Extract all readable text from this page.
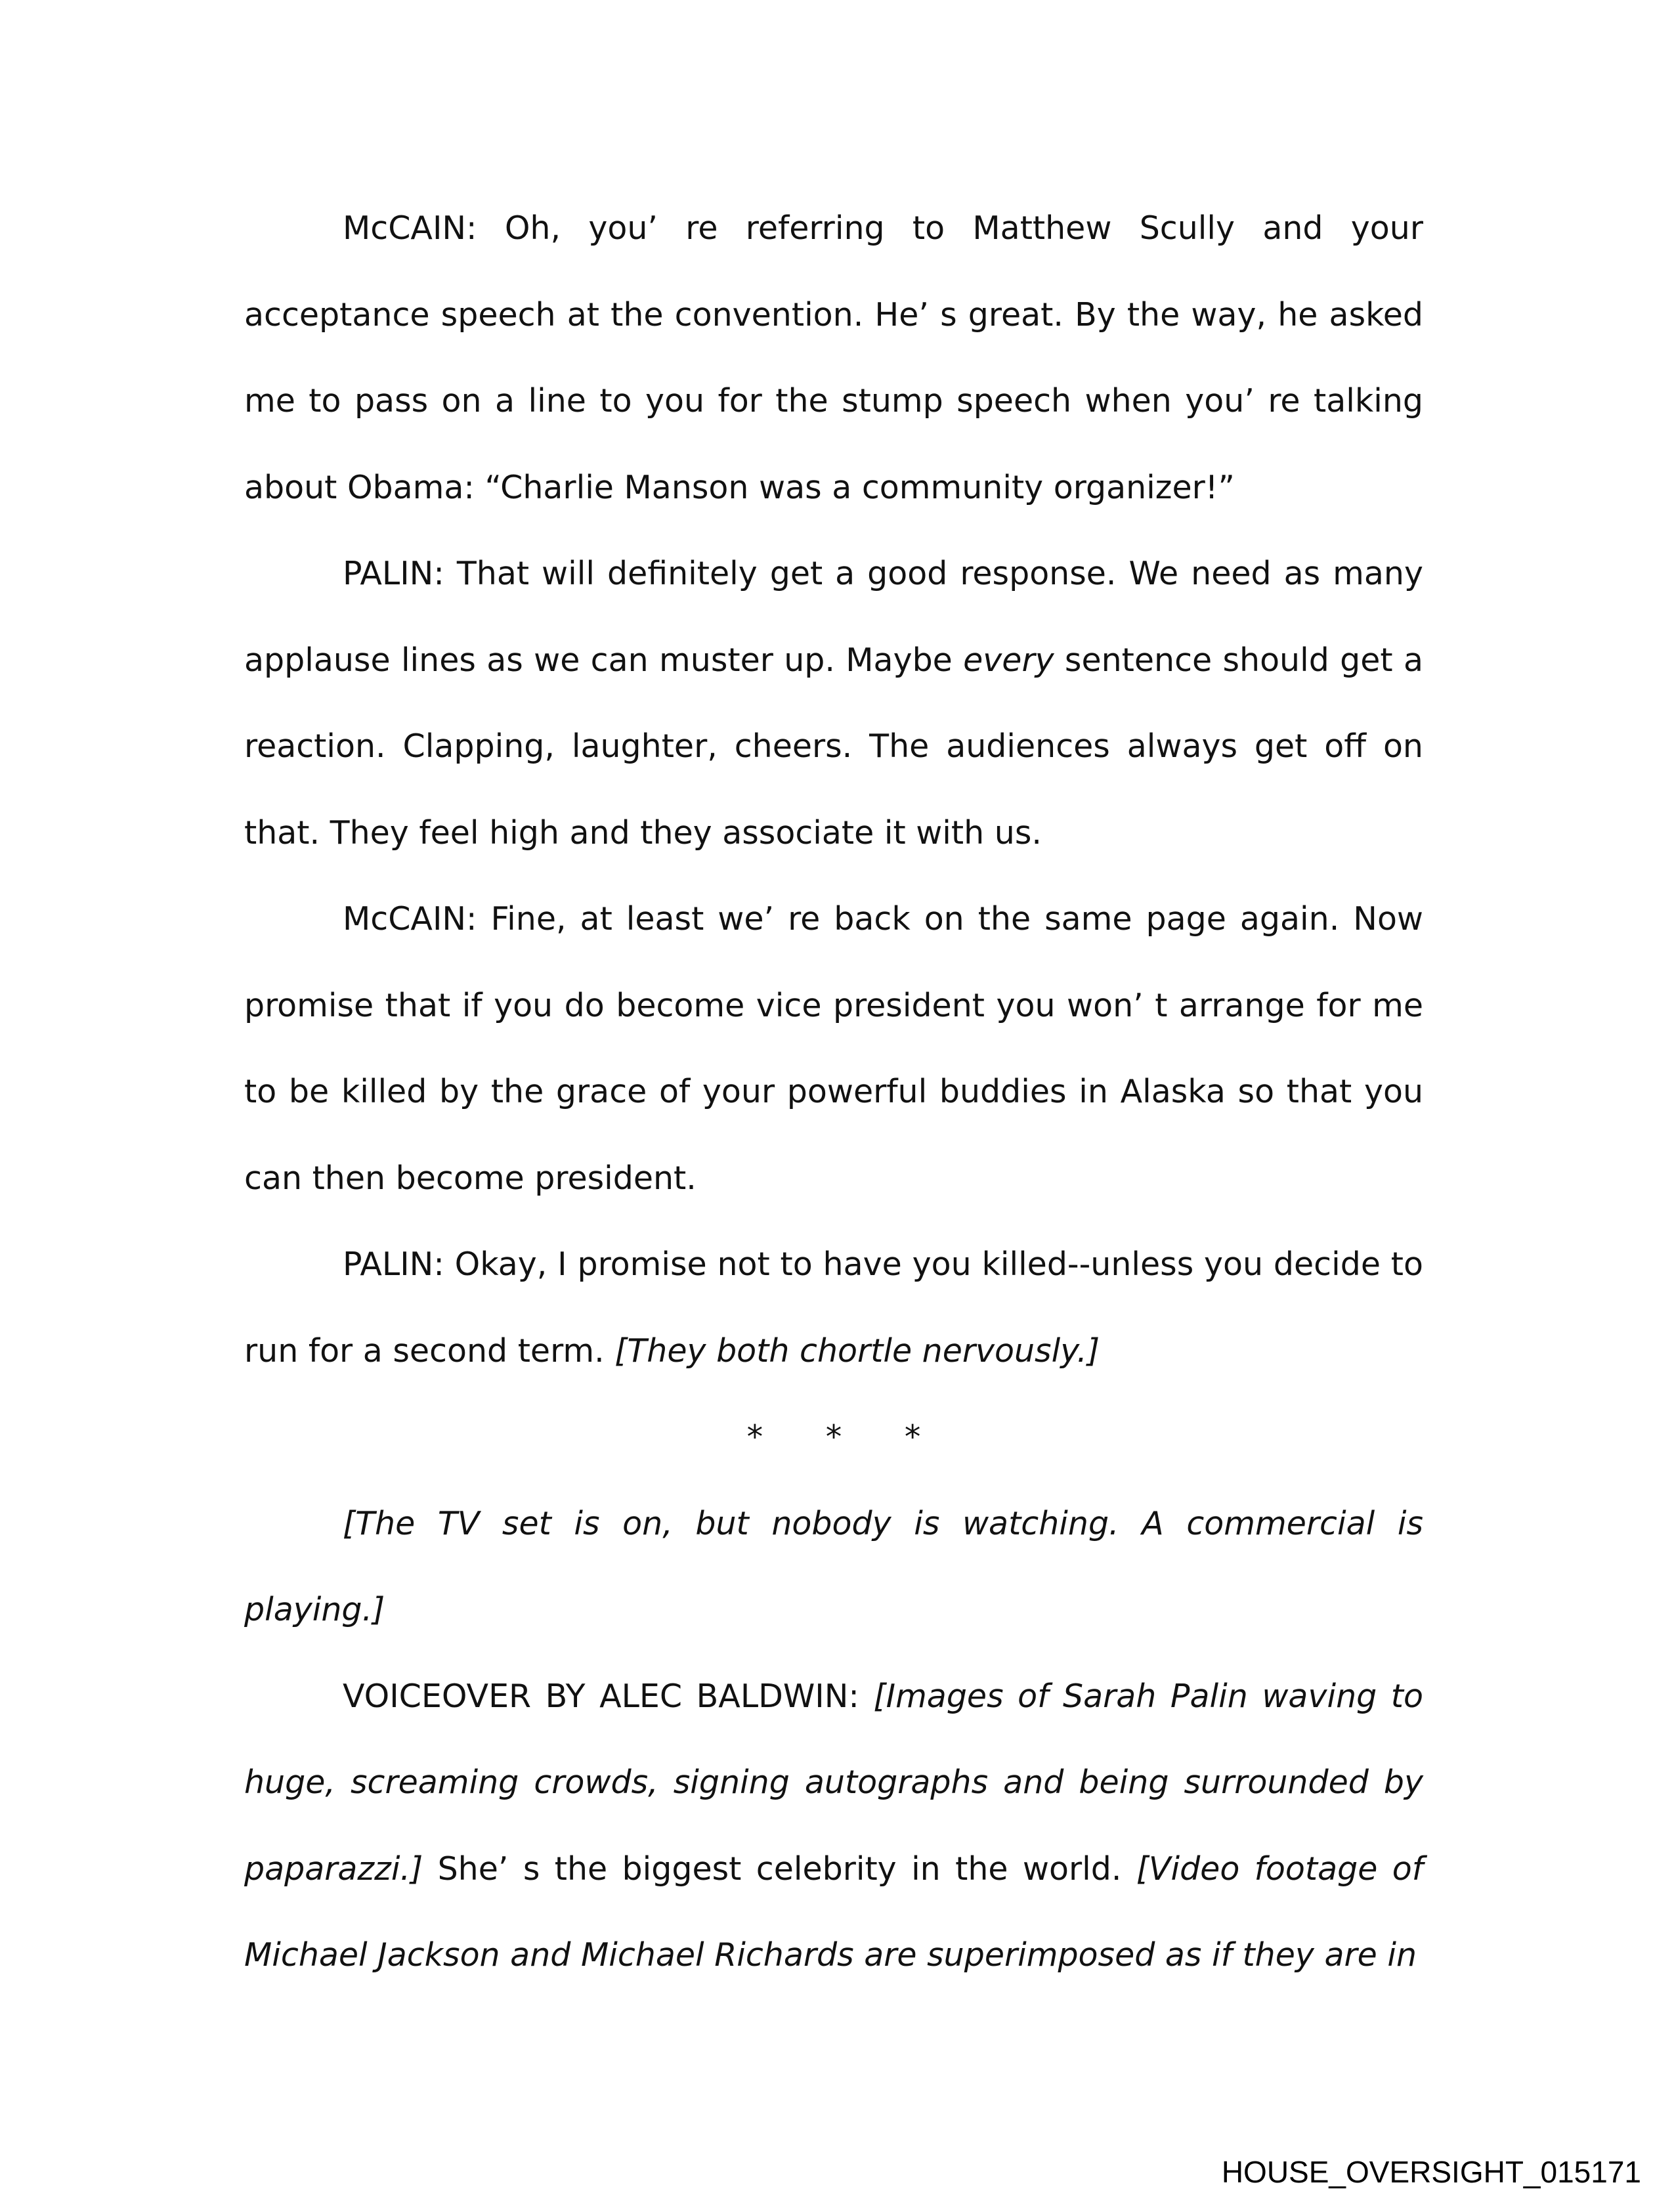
McCAIN: Oh, you’ re referring to Matthew Scully and your acceptance speech at the convention. He’ s great. By the way, he asked me to pass on a line to you for the stump speech when you’ re talking about Obama: “Charlie Manson was a community organizer!”

PALIN: That will definitely get a good response. We need as many applause lines as we can muster up. Maybe every sentence should get a reaction. Clapping, laughter, cheers. The audiences always get off on that. They feel high and they associate it with us.

McCAIN: Fine, at least we’ re back on the same page again. Now promise that if you do become vice president you won’ t arrange for me to be killed by the grace of your powerful buddies in Alaska so that you can then become president.

PALIN: Okay, I promise not to have you killed--unless you decide to run for a second term. [They both chortle nervously.]

* * *

[The TV set is on, but nobody is watching. A commercial is playing.]

VOICEOVER BY ALEC BALDWIN: [Images of Sarah Palin waving to huge, screaming crowds, signing autographs and being surrounded by paparazzi.] She’ s the biggest celebrity in the world. [Video footage of Michael Jackson and Michael Richards are superimposed as if they are in

HOUSE_OVERSIGHT_015171
